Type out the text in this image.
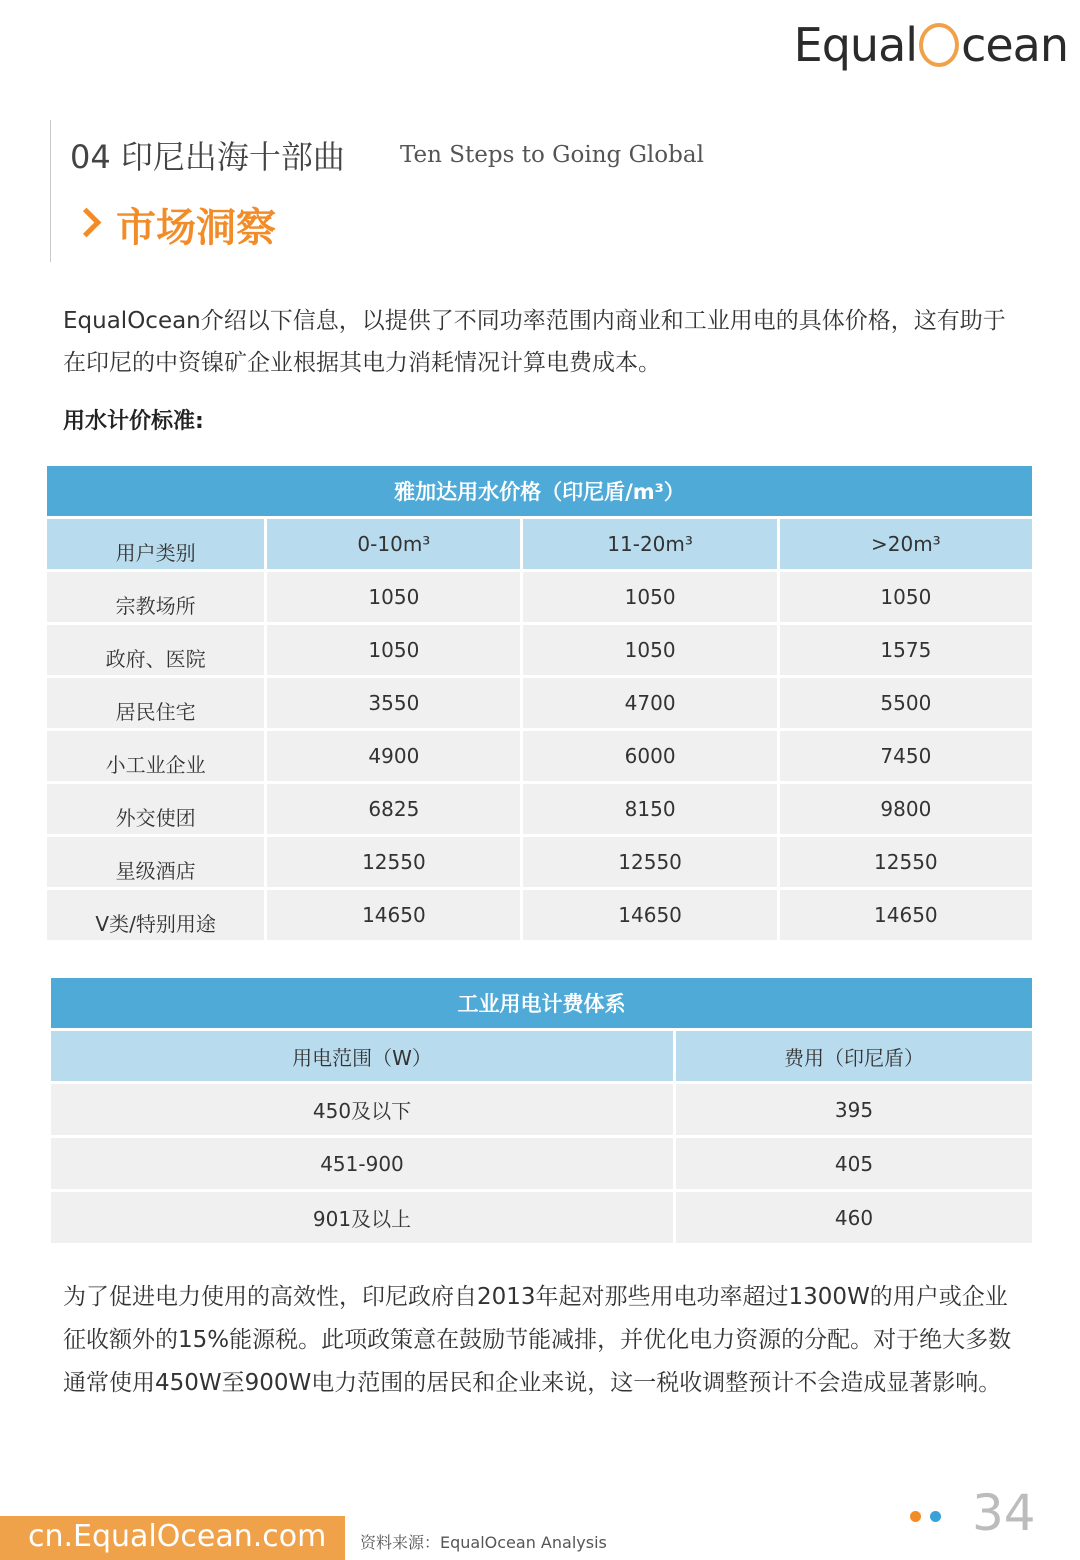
Equal cean
04 印尼出海十部曲 Ten Steps to Going Global
市场洞察
EqualOcean介绍以下信息，以提供了不同功率范围内商业和工业用电的具体价格，这有助于在印尼的中资镍矿企业根据其电力消耗情况计算电费成本。
用水计价标准:
雅加达用水价格（印尼盾/m³）			
用户类别	0-10m³	11-20m³	>20m³
宗教场所	1050	1050	1050
政府、医院	1050	1050	1575
居民住宅	3550	4700	5500
小工业企业	4900	6000	7450
外交使团	6825	8150	9800
星级酒店	12550	12550	12550
V类/特别用途	14650	14650	14650
工业用电计费体系	
用电范围（W）	费用（印尼盾）
450及以下	395
451-900	405
901及以上	460
为了促进电力使用的高效性，印尼政府自2013年起对那些用电功率超过1300W的用户或企业征收额外的15%能源税。此项政策意在鼓励节能减排，并优化电力资源的分配。对于绝大多数通常使用450W至900W电力范围的居民和企业来说，这一税收调整预计不会造成显著影响。
cn.EqualOcean.com 资料来源：EqualOcean Analysis
34
